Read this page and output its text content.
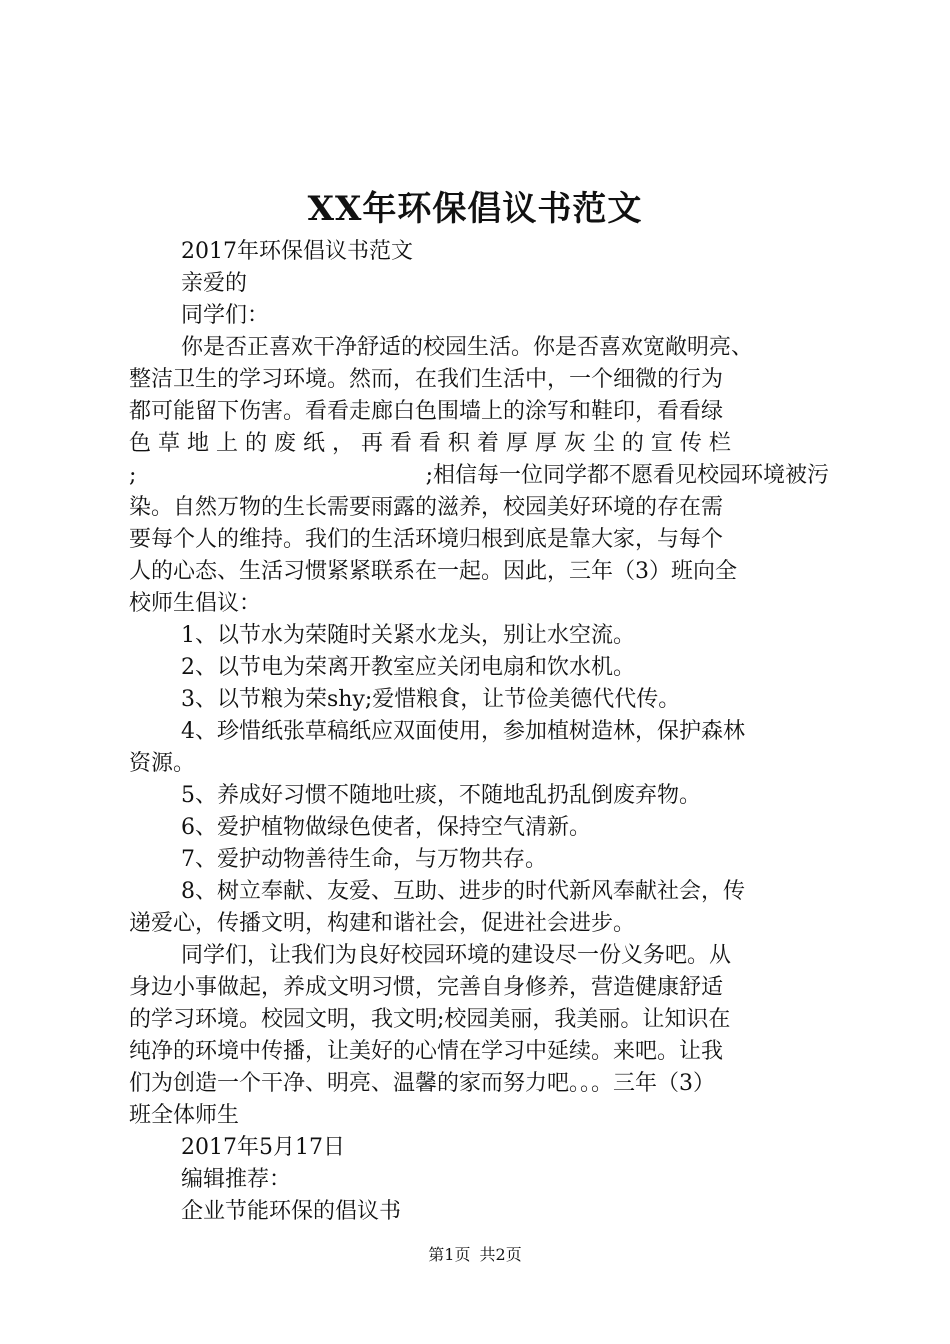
XX年环保倡议书范文

2017年环保倡议书范文

亲爱的

同学们：

你是否正喜欢干净舒适的校园生活。你是否喜欢宽敞明亮、

整洁卫生的学习环境。然而，在我们生活中，一个细微的行为

都可能留下伤害。看看走廊白色围墙上的涂写和鞋印，看看绿

色 草 地 上 的 废 纸 ， 再 看 看 积 着 厚 厚 灰 尘 的 宣 传 栏

;	;相信每一位同学都不愿看见校园环境被污

染。自然万物的生长需要雨露的滋养，校园美好环境的存在需

要每个人的维持。我们的生活环境归根到底是靠大家，与每个

人的心态、生活习惯紧紧联系在一起。因此，三年（3）班向全

校师生倡议：

1、以节水为荣随时关紧水龙头，别让水空流。

2、以节电为荣离开教室应关闭电扇和饮水机。

3、以节粮为荣shy;爱惜粮食，让节俭美德代代传。

4、珍惜纸张草稿纸应双面使用，参加植树造林，保护森林

资源。

5、养成好习惯不随地吐痰，不随地乱扔乱倒废弃物。

6、爱护植物做绿色使者，保持空气清新。

7、爱护动物善待生命，与万物共存。

8、树立奉献、友爱、互助、进步的时代新风奉献社会，传

递爱心，传播文明，构建和谐社会，促进社会进步。

同学们，让我们为良好校园环境的建设尽一份义务吧。从

身边小事做起，养成文明习惯，完善自身修养，营造健康舒适

的学习环境。校园文明，我文明;校园美丽，我美丽。让知识在

纯净的环境中传播，让美好的心情在学习中延续。来吧。让我

们为创造一个干净、明亮、温馨的家而努力吧。。。三年（3）

班全体师生

2017年5月17日

编辑推荐：

企业节能环保的倡议书

第1页 共2页
